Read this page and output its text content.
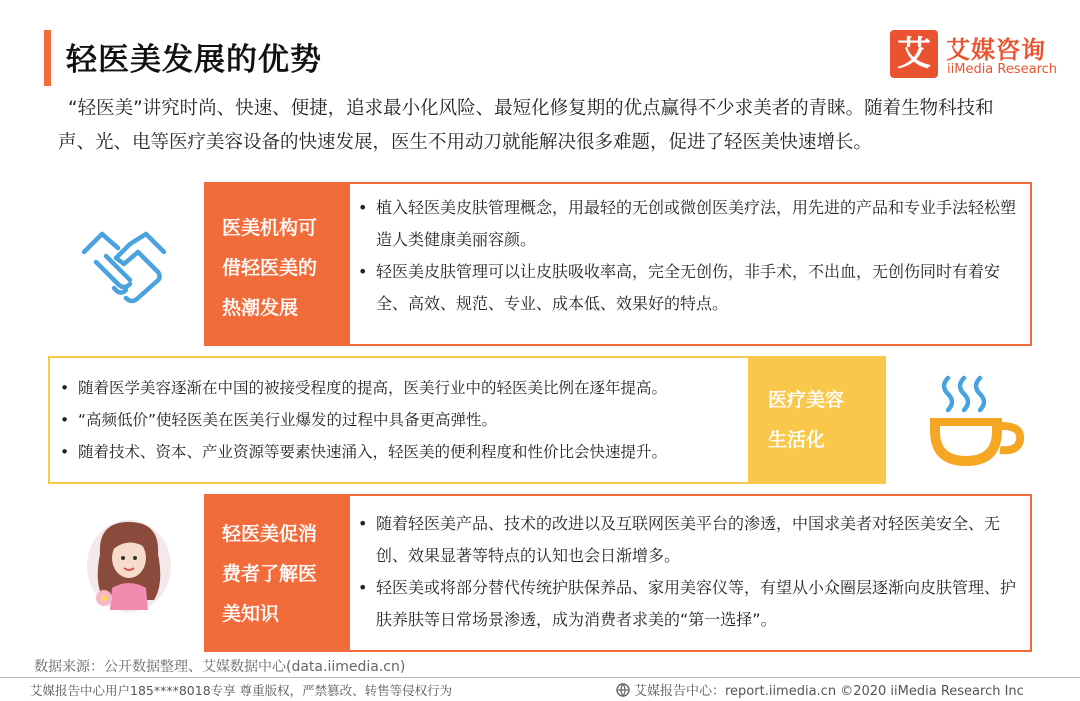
轻医美发展的优势	艾 艾媒咨询
iiMedia Research
“轻医美”讲究时尚、快速、便捷，追求最小化风险、最短化修复期的优点赢得不少求美者的青睐。随着生物科技和声、光、电等医疗美容设备的快速发展，医生不用动刀就能解决很多难题，促进了轻医美快速增长。
医美机构可
借轻医美的
热潮发展
• 植入轻医美皮肤管理概念，用最轻的无创或微创医美疗法，用先进的产品和专业手法轻松塑造人类健康美丽容颜。
• 轻医美皮肤管理可以让皮肤吸收率高，完全无创伤，非手术，不出血，无创伤同时有着安全、高效、规范、专业、成本低、效果好的特点。
• 随着医学美容逐渐在中国的被接受程度的提高，医美行业中的轻医美比例在逐年提高。
• “高频低价”使轻医美在医美行业爆发的过程中具备更高弹性。
• 随着技术、资本、产业资源等要素快速涌入，轻医美的便利程度和性价比会快速提升。
医疗美容
生活化
轻医美促消
费者了解医
美知识
• 随着轻医美产品、技术的改进以及互联网医美平台的渗透，中国求美者对轻医美安全、无创、效果显著等特点的认知也会日渐增多。
• 轻医美或将部分替代传统护肤保养品、家用美容仪等，有望从小众圈层逐渐向皮肤管理、护肤养肤等日常场景渗透，成为消费者求美的“第一选择”。
数据来源：公开数据整理、艾媒数据中心(data.iimedia.cn)
艾媒报告中心用户185****8018专享 尊重版权，严禁篡改、转售等侵权行为	艾媒报告中心：report.iimedia.cn ©2020 iiMedia Research Inc
